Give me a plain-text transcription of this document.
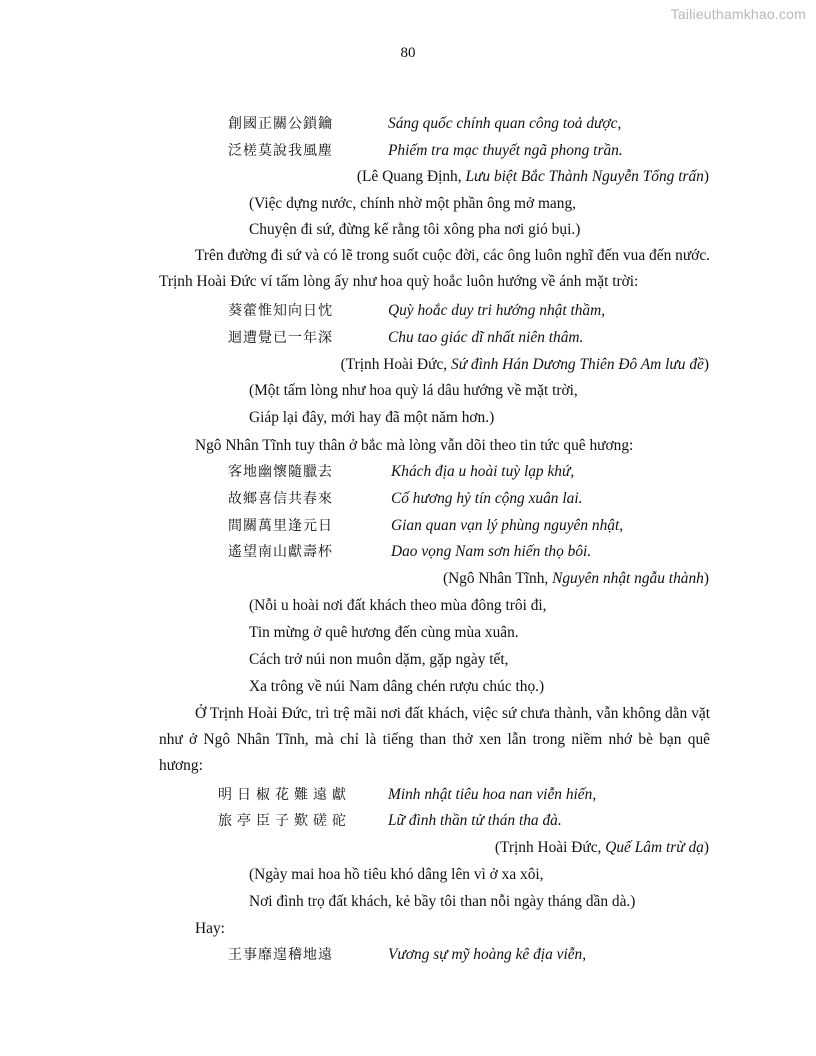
Tailieuthamkhao.com
80
創國正關公鎖鑰	Sáng quốc chính quan công toả dược,
泛槎莫說我風塵	Phiếm tra mạc thuyết ngã phong trần.
(Lê Quang Định, Lưu biệt Bắc Thành Nguyễn Tổng trấn)
(Việc dựng nước, chính nhờ một phần ông mở mang,
Chuyện đi sứ, đừng kể rằng tôi xông pha nơi gió bụi.)
Trên đường đi sứ và có lẽ trong suốt cuộc đời, các ông luôn nghĩ đến vua đến nước. Trịnh Hoài Đức ví tấm lòng ấy như hoa quỳ hoắc luôn hướng về ánh mặt trời:
葵藿惟知向日忱	Quỳ hoắc duy tri hướng nhật thầm,
迴遭覺已一年深	Chu tao giác dĩ nhất niên thâm.
(Trịnh Hoài Đức, Sứ đình Hán Dương Thiên Đô Am lưu đề)
(Một tấm lòng như hoa quỳ lá dâu hướng về mặt trời,
Giáp lại đây, mới hay đã một năm hơn.)
Ngô Nhân Tĩnh tuy thân ở bắc mà lòng vẫn dõi theo tin tức quê hương:
客地幽懷隨臘去	Khách địa u hoài tuỳ lạp khứ,
故鄉喜信共春來	Cố hương hỷ tín cộng xuân lai.
間關萬里逢元日	Gian quan vạn lý phùng nguyên nhật,
遙望南山獻壽杯	Dao vọng Nam sơn hiến thọ bôi.
(Ngô Nhân Tĩnh, Nguyên nhật ngẫu thành)
(Nỗi u hoài nơi đất khách theo mùa đông trôi đi,
Tin mừng ở quê hương đến cùng mùa xuân.
Cách trở núi non muôn dặm, gặp ngày tết,
Xa trông về núi Nam dâng chén rượu chúc thọ.)
Ở Trịnh Hoài Đức, trì trệ mãi nơi đất khách, việc sứ chưa thành, vẫn không dằn vặt như ở Ngô Nhân Tĩnh, mà chỉ là tiếng than thở xen lẫn trong niềm nhớ bè bạn quê hương:
明日椒花難遠獻 Minh nhật tiêu hoa nan viễn hiến,
旅亭臣子歎磋砣 Lữ đình thần tử thán tha đà.
(Trịnh Hoài Đức, Quế Lâm trừ dạ)
(Ngày mai hoa hồ tiêu khó dâng lên vì ở xa xôi,
Nơi đình trọ đất khách, kẻ bầy tôi than nỗi ngày tháng dần dà.)
Hay:
王事靡遑稽地遠	Vương sự mỹ hoàng kê địa viễn,
